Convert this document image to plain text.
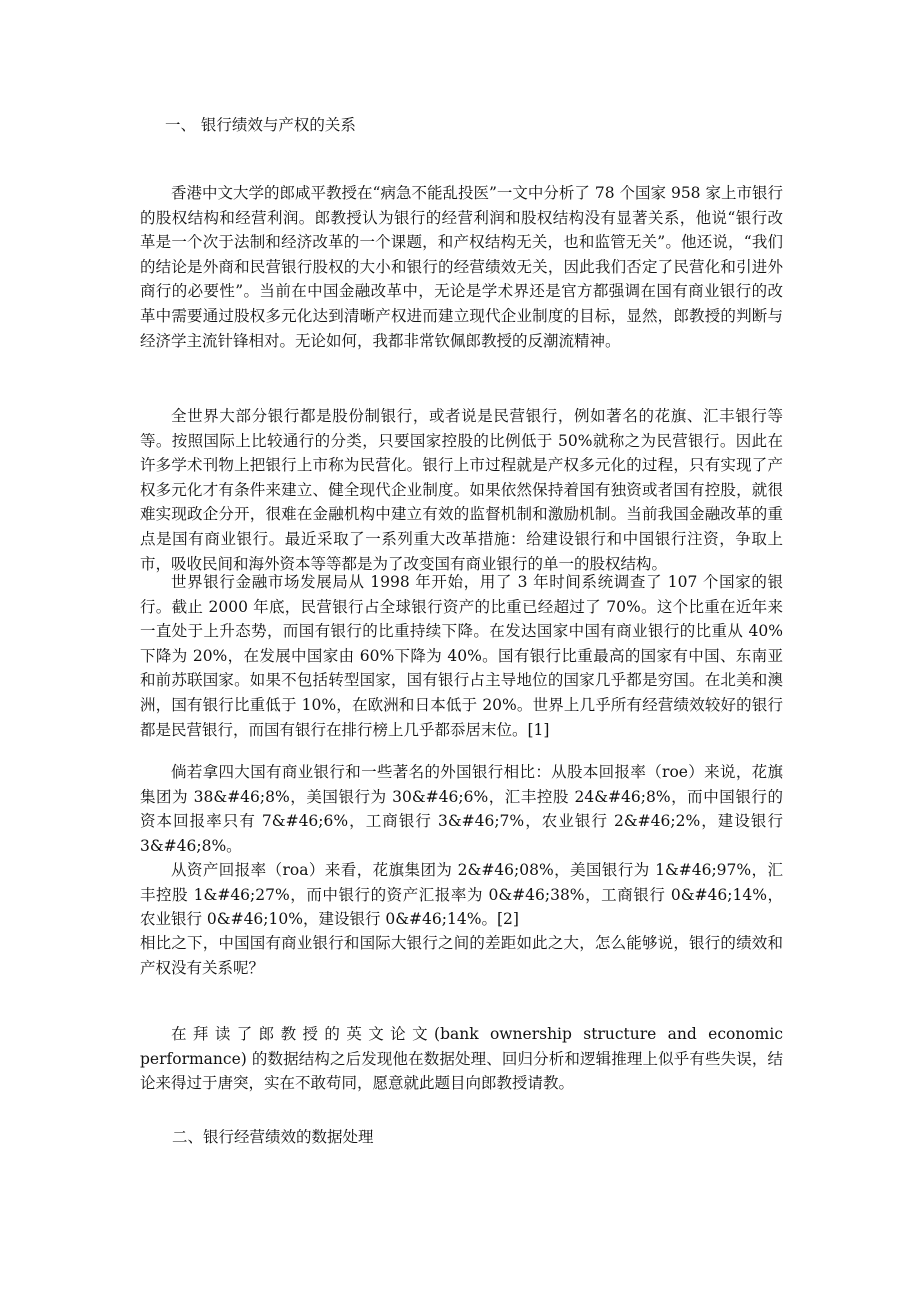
一、 银行绩效与产权的关系

香港中文大学的郎咸平教授在“病急不能乱投医”一文中分析了 78 个国家 958 家上市银行的股权结构和经营利润。郎教授认为银行的经营利润和股权结构没有显著关系，他说“银行改革是一个次于法制和经济改革的一个课题，和产权结构无关，也和监管无关”。他还说，“我们的结论是外商和民营银行股权的大小和银行的经营绩效无关，因此我们否定了民营化和引进外商行的必要性”。当前在中国金融改革中，无论是学术界还是官方都强调在国有商业银行的改革中需要通过股权多元化达到清晰产权进而建立现代企业制度的目标，显然，郎教授的判断与经济学主流针锋相对。无论如何，我都非常钦佩郎教授的反潮流精神。

全世界大部分银行都是股份制银行，或者说是民营银行，例如著名的花旗、汇丰银行等等。按照国际上比较通行的分类，只要国家控股的比例低于 50%就称之为民营银行。因此在许多学术刊物上把银行上市称为民营化。银行上市过程就是产权多元化的过程，只有实现了产权多元化才有条件来建立、健全现代企业制度。如果依然保持着国有独资或者国有控股，就很难实现政企分开，很难在金融机构中建立有效的监督机制和激励机制。当前我国金融改革的重点是国有商业银行。最近采取了一系列重大改革措施：给建设银行和中国银行注资，争取上市，吸收民间和海外资本等等都是为了改变国有商业银行的单一的股权结构。

世界银行金融市场发展局从 1998 年开始，用了 3 年时间系统调查了 107 个国家的银行。截止 2000 年底，民营银行占全球银行资产的比重已经超过了 70%。这个比重在近年来一直处于上升态势，而国有银行的比重持续下降。在发达国家中国有商业银行的比重从 40%下降为 20%，在发展中国家由 60%下降为 40%。国有银行比重最高的国家有中国、东南亚和前苏联国家。如果不包括转型国家，国有银行占主导地位的国家几乎都是穷国。在北美和澳洲，国有银行比重低于 10%，在欧洲和日本低于 20%。世界上几乎所有经营绩效较好的银行都是民营银行，而国有银行在排行榜上几乎都忝居末位。[1]

倘若拿四大国有商业银行和一些著名的外国银行相比：从股本回报率（roe）来说，花旗集团为 38&#46;8%，美国银行为 30&#46;6%，汇丰控股 24&#46;8%，而中国银行的资本回报率只有 7&#46;6%，工商银行 3&#46;7%，农业银行 2&#46;2%，建设银行 3&#46;8%。

从资产回报率（roa）来看，花旗集团为 2&#46;08%，美国银行为 1&#46;97%，汇丰控股 1&#46;27%，而中银行的资产汇报率为 0&#46;38%，工商银行 0&#46;14%，农业银行 0&#46;10%，建设银行 0&#46;14%。[2]

相比之下，中国国有商业银行和国际大银行之间的差距如此之大，怎么能够说，银行的绩效和产权没有关系呢？

在拜读了郎教授的英文论文(bank ownership structure and economic performance) 的数据结构之后发现他在数据处理、回归分析和逻辑推理上似乎有些失误，结论来得过于唐突，实在不敢苟同，愿意就此题目向郎教授请教。

二、银行经营绩效的数据处理
